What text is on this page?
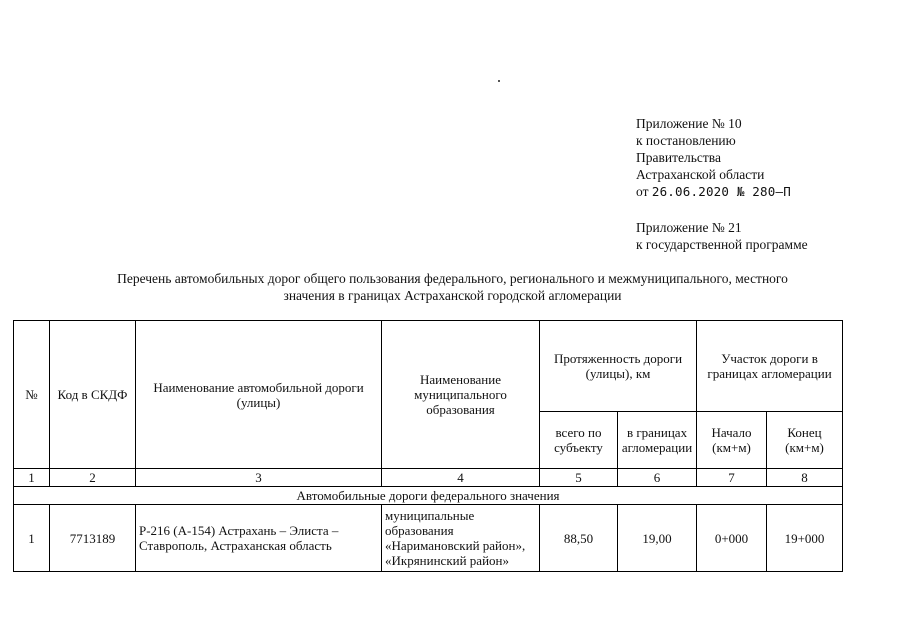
Приложение № 10
к постановлению
Правительства
Астраханской области
от 26.06.2020 № 280–П
Приложение № 21
к государственной программе
Перечень автомобильных дорог общего пользования федерального, регионального и межмуниципального, местного
значения в границах Астраханской городской агломерации
№	Код в СКДФ	Наименование автомобильной дороги (улицы)	Наименование муниципального образования	Протяженность дороги (улицы), км		Участок дороги в границах агломерации	
				всего по субъекту	в границах агломерации	Начало (км+м)	Конец (км+м)
1	2	3	4	5	6	7	8
Автомобильные дороги федерального значения							
1	7713189	Р-216 (А-154) Астрахань – Элиста – Ставрополь, Астраханская область	муниципальные образования «Наримановский район», «Икрянинский район»	88,50	19,00	0+000	19+000
